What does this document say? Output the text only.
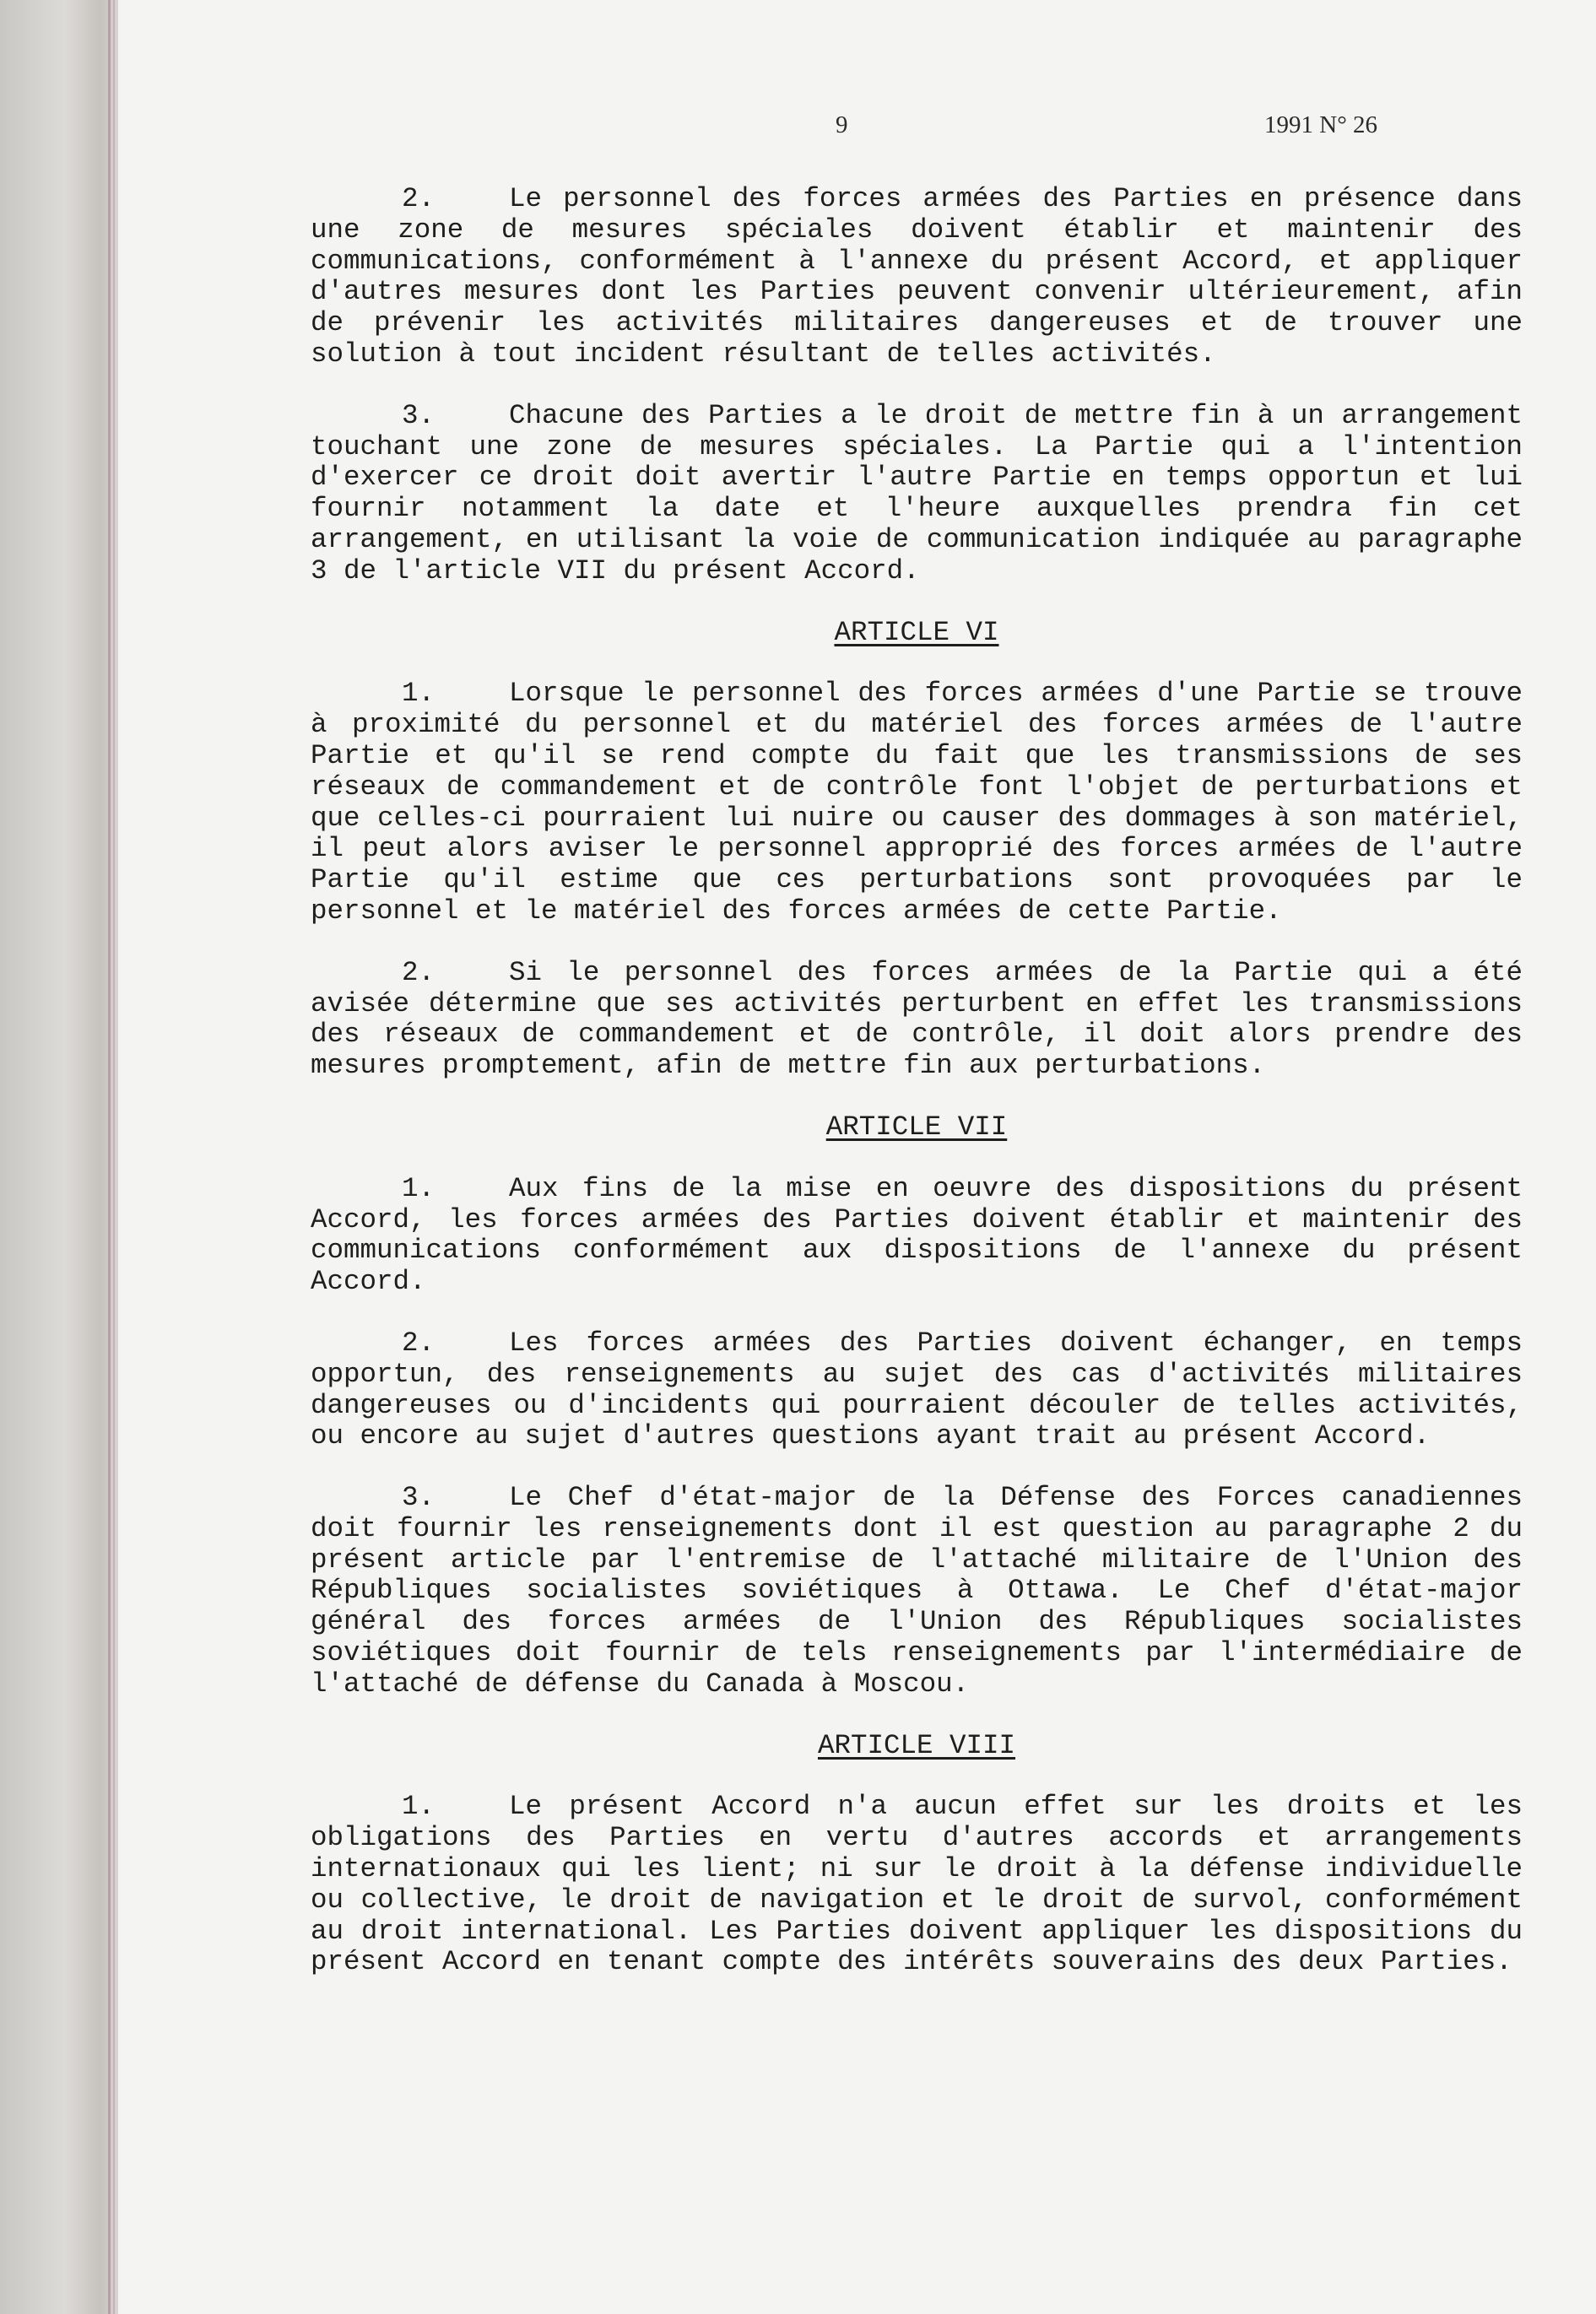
9	1991 N° 26

2.	Le personnel des forces armées des Parties en présence dans une zone de mesures spéciales doivent établir et maintenir des communications, conformément à l'annexe du présent Accord, et appliquer d'autres mesures dont les Parties peuvent convenir ultérieurement, afin de prévenir les activités militaires dangereuses et de trouver une solution à tout incident résultant de telles activités.

3.	Chacune des Parties a le droit de mettre fin à un arrangement touchant une zone de mesures spéciales. La Partie qui a l'intention d'exercer ce droit doit avertir l'autre Partie en temps opportun et lui fournir notamment la date et l'heure auxquelles prendra fin cet arrangement, en utilisant la voie de communication indiquée au paragraphe 3 de l'article VII du présent Accord.

ARTICLE VI

1.	Lorsque le personnel des forces armées d'une Partie se trouve à proximité du personnel et du matériel des forces armées de l'autre Partie et qu'il se rend compte du fait que les transmissions de ses réseaux de commandement et de contrôle font l'objet de perturbations et que celles-ci pourraient lui nuire ou causer des dommages à son matériel, il peut alors aviser le personnel approprié des forces armées de l'autre Partie qu'il estime que ces perturbations sont provoquées par le personnel et le matériel des forces armées de cette Partie.

2.	Si le personnel des forces armées de la Partie qui a été avisée détermine que ses activités perturbent en effet les transmissions des réseaux de commandement et de contrôle, il doit alors prendre des mesures promptement, afin de mettre fin aux perturbations.

ARTICLE VII

1.	Aux fins de la mise en oeuvre des dispositions du présent Accord, les forces armées des Parties doivent établir et maintenir des communications conformément aux dispositions de l'annexe du présent Accord.

2.	Les forces armées des Parties doivent échanger, en temps opportun, des renseignements au sujet des cas d'activités militaires dangereuses ou d'incidents qui pourraient découler de telles activités, ou encore au sujet d'autres questions ayant trait au présent Accord.

3.	Le Chef d'état-major de la Défense des Forces canadiennes doit fournir les renseignements dont il est question au paragraphe 2 du présent article par l'entremise de l'attaché militaire de l'Union des Républiques socialistes soviétiques à Ottawa. Le Chef d'état-major général des forces armées de l'Union des Républiques socialistes soviétiques doit fournir de tels renseignements par l'intermédiaire de l'attaché de défense du Canada à Moscou.

ARTICLE VIII

1.	Le présent Accord n'a aucun effet sur les droits et les obligations des Parties en vertu d'autres accords et arrangements internationaux qui les lient; ni sur le droit à la défense individuelle ou collective, le droit de navigation et le droit de survol, conformément au droit international. Les Parties doivent appliquer les dispositions du présent Accord en tenant compte des intérêts souverains des deux Parties.
